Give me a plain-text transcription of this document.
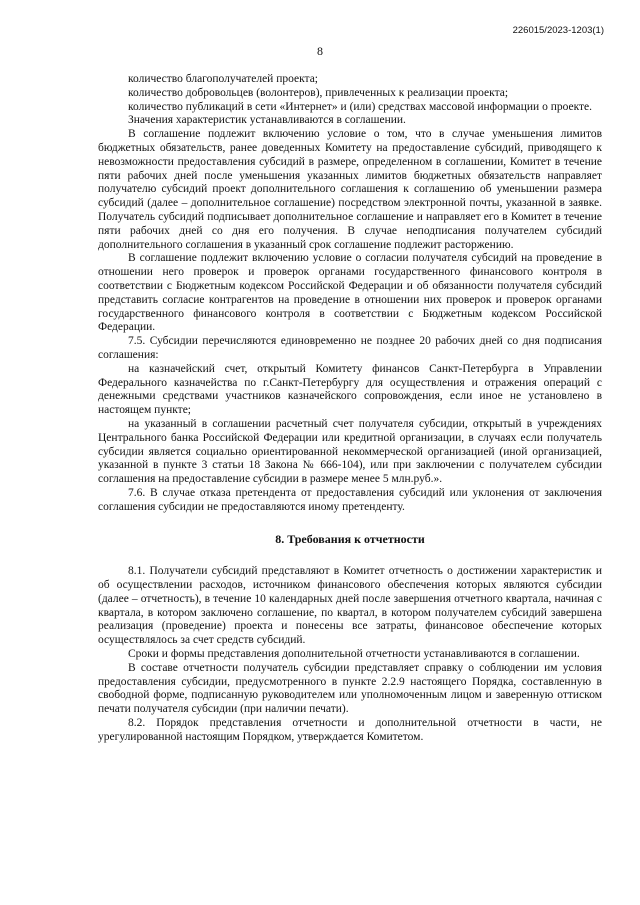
226015/2023-1203(1)
8

количество благополучателей проекта;

количество добровольцев (волонтеров), привлеченных к реализации проекта;

количество публикаций в сети «Интернет» и (или) средствах массовой информации о проекте.

Значения характеристик устанавливаются в соглашении.

В соглашение подлежит включению условие о том, что в случае уменьшения лимитов бюджетных обязательств, ранее доведенных Комитету на предоставление субсидий, приводящего к невозможности предоставления субсидий в размере, определенном в соглашении, Комитет в течение пяти рабочих дней после уменьшения указанных лимитов бюджетных обязательств направляет получателю субсидий проект дополнительного соглашения к соглашению об уменьшении размера субсидий (далее – дополнительное соглашение) посредством электронной почты, указанной в заявке. Получатель субсидий подписывает дополнительное соглашение и направляет его в Комитет в течение пяти рабочих дней со дня его получения. В случае неподписания получателем субсидий дополнительного соглашения в указанный срок соглашение подлежит расторжению.

В соглашение подлежит включению условие о согласии получателя субсидий на проведение в отношении него проверок и проверок органами государственного финансового контроля в соответствии с Бюджетным кодексом Российской Федерации и об обязанности получателя субсидий представить согласие контрагентов на проведение в отношении них проверок и проверок органами государственного финансового контроля в соответствии с Бюджетным кодексом Российской Федерации.

7.5. Субсидии перечисляются единовременно не позднее 20 рабочих дней со дня подписания соглашения:

на казначейский счет, открытый Комитету финансов Санкт-Петербурга в Управлении Федерального казначейства по г.Санкт-Петербургу для осуществления и отражения операций с денежными средствами участников казначейского сопровождения, если иное не установлено в настоящем пункте;

на указанный в соглашении расчетный счет получателя субсидии, открытый в учреждениях Центрального банка Российской Федерации или кредитной организации, в случаях если получатель субсидии является социально ориентированной некоммерческой организацией (иной организацией, указанной в пункте 3 статьи 18 Закона № 666-104), или при заключении с получателем субсидии соглашения на предоставление субсидии в размере менее 5 млн.руб.».

7.6. В случае отказа претендента от предоставления субсидий или уклонения от заключения соглашения субсидии не предоставляются иному претенденту.

8. Требования к отчетности

8.1. Получатели субсидий представляют в Комитет отчетность о достижении характеристик и об осуществлении расходов, источником финансового обеспечения которых являются субсидии (далее – отчетность), в течение 10 календарных дней после завершения отчетного квартала, начиная с квартала, в котором заключено соглашение, по квартал, в котором получателем субсидий завершена реализация (проведение) проекта и понесены все затраты, финансовое обеспечение которых осуществлялось за счет средств субсидий.

Сроки и формы представления дополнительной отчетности устанавливаются в соглашении.

В составе отчетности получатель субсидии представляет справку о соблюдении им условия предоставления субсидии, предусмотренного в пункте 2.2.9 настоящего Порядка, составленную в свободной форме, подписанную руководителем или уполномоченным лицом и заверенную оттиском печати получателя субсидии (при наличии печати).

8.2. Порядок представления отчетности и дополнительной отчетности в части, не урегулированной настоящим Порядком, утверждается Комитетом.
